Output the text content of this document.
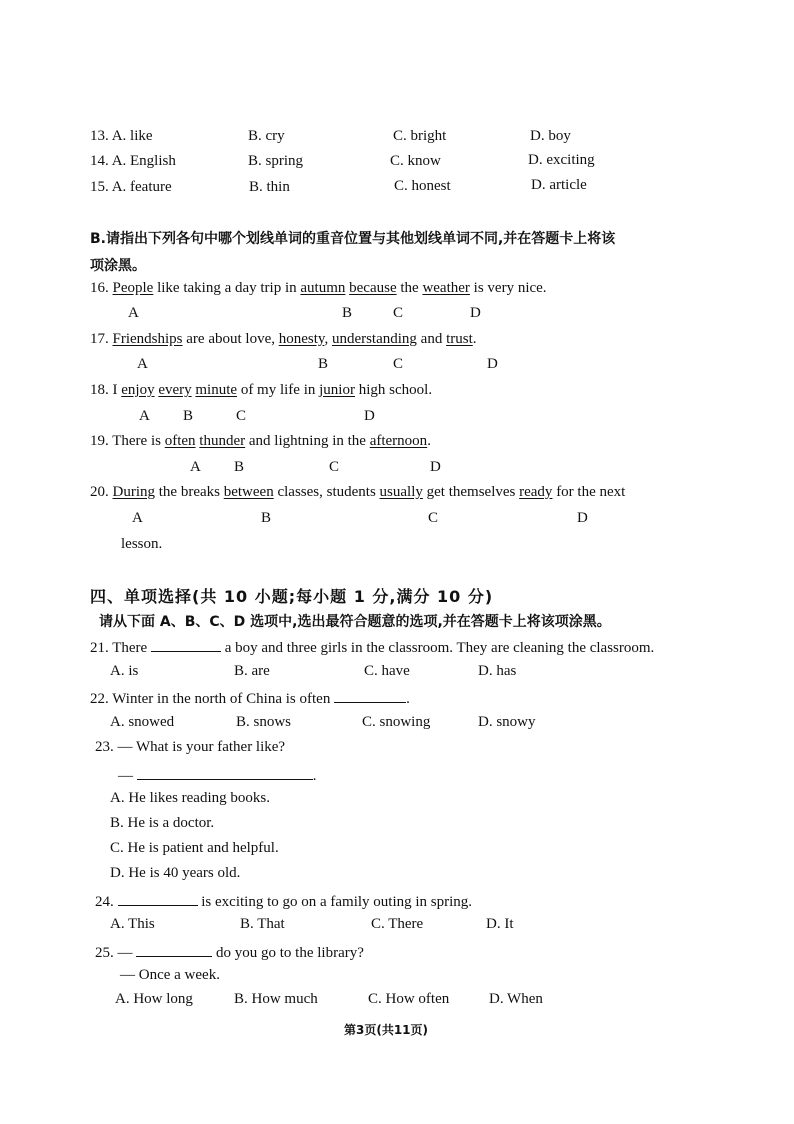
13. A. like	B. cry	C. bright	D. boy
14. A. English	B. spring	C. know	D. exciting
15. A. feature	B. thin	C. honest	D. article
B.请指出下列各句中哪个划线单词的重音位置与其他划线单词不同,并在答题卡上将该
项涂黑。
16. People like taking a day trip in autumn because the weather is very nice.
A	B	C	D
17. Friendships are about love, honesty, understanding and trust.
A	B	C	D
18. I enjoy every minute of my life in junior high school.
A B	C	D
19. There is often thunder and lightning in the afternoon.
A B	C	D
20. During the breaks between classes, students usually get themselves ready for the next
A	B	C	D
lesson.
四、单项选择(共 10 小题;每小题 1 分,满分 10 分)
请从下面 A、B、C、D 选项中,选出最符合题意的选项,并在答题卡上将该项涂黑。
21. There	a boy and three girls in the classroom. They are cleaning the classroom.
A. is	B. are	C. have	D. has
22. Winter in the north of China is often	.
A. snowed	B. snows	C. snowing	D. snowy
23. — What is your father like?
—	.
A. He likes reading books.
B. He is a doctor.
C. He is patient and helpful.
D. He is 40 years old.
24.	is exciting to go on a family outing in spring.
A. This	B. That	C. There	D. It
25. —	do you go to the library?
— Once a week.
A. How long	B. How much	C. How often	D. When
第3页(共11页)
